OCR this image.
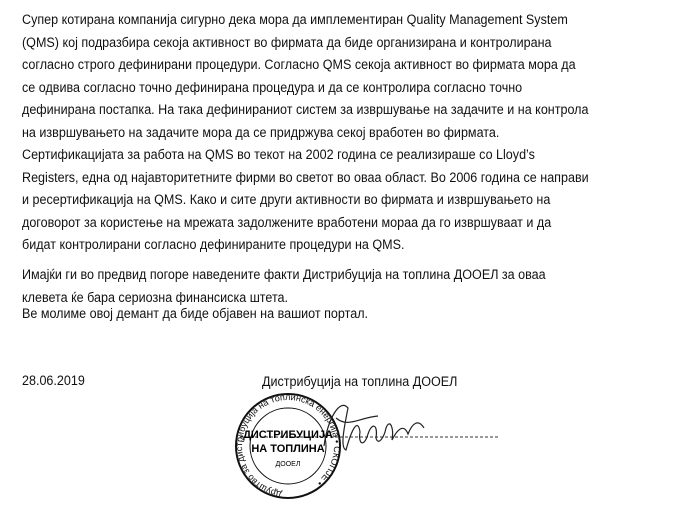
Супер котирана компанија сигурно дека мора да имплементиран Quality Management System
(QMS) кој подразбира секоја активност во фирмата да биде организирана и контролирана
согласно строго дефинирани процедури. Согласно QMS секоја активност во фирмата мора да
се одвива согласно точно дефинирана процедура и да се контролира согласно точно
дефинирана постапка. На така дефинираниот систем за извршување на задачите и на контрола
на извршувањето на задачите мора да се придржува секој вработен во фирмата.
Сертификацијата за работа на QMS во текот на 2002 година се реализираше со Lloyd’s
Registers, една од најавторитетните фирми во светот во оваа област. Во 2006 година се направи
и ресертификација на QMS. Како и сите други активности во фирмата и извршувањето на
договорот за користење на мрежата задолжените вработени мораа да го извршуваат и да
бидат контролирани согласно дефинираните процедури на QMS.
Имајќи ги во предвид погоре наведените факти Дистрибуција на топлина ДООЕЛ за оваа
клевета ќе бара сериозна финансиска штета.
Ве молиме овој демант да биде објавен на вашиот портал.
28.06.2019	Дистрибуција на топлина ДООЕЛ
Друштво за дистрибуција на топлинска енергија • СКОПЈЕ •
ДИСТРИБУЦИЈА
НА ТОПЛИНА
ДООЕЛ
